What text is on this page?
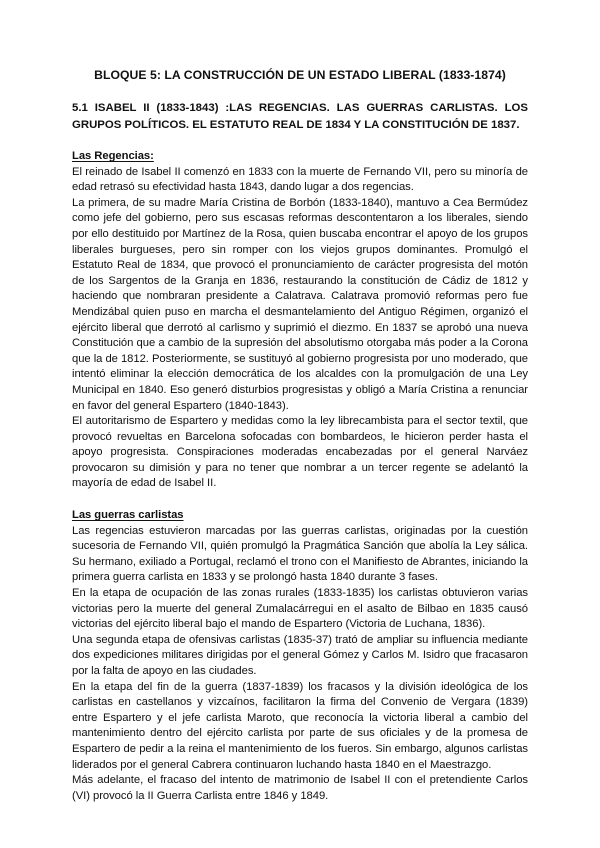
BLOQUE 5: LA CONSTRUCCIÓN DE UN ESTADO LIBERAL (1833-1874)
5.1 ISABEL II (1833-1843) :LAS REGENCIAS. LAS GUERRAS CARLISTAS. LOS GRUPOS POLÍTICOS. EL ESTATUTO REAL DE 1834 Y LA CONSTITUCIÓN DE 1837.
Las Regencias:

El reinado de Isabel II comenzó en 1833 con la muerte de Fernando VII, pero su minoría de edad retrasó su efectividad hasta 1843, dando lugar a dos regencias.

La primera, de su madre María Cristina de Borbón (1833-1840), mantuvo a Cea Bermúdez como jefe del gobierno, pero sus escasas reformas descontentaron a los liberales, siendo por ello destituido por Martínez de la Rosa, quien buscaba encontrar el apoyo de los grupos liberales burgueses, pero sin romper con los viejos grupos dominantes. Promulgó el Estatuto Real de 1834, que provocó el pronunciamiento de carácter progresista del motón de los Sargentos de la Granja en 1836, restaurando la constitución de Cádiz de 1812 y haciendo que nombraran presidente a Calatrava. Calatrava promovió reformas pero fue Mendizábal quien puso en marcha el desmantelamiento del Antiguo Régimen, organizó el ejército liberal que derrotó al carlismo y suprimió el diezmo. En 1837 se aprobó una nueva Constitución que a cambio de la supresión del absolutismo otorgaba más poder a la Corona que la de 1812. Posteriormente, se sustituyó al gobierno progresista por uno moderado, que intentó eliminar la elección democrática de los alcaldes con la promulgación de una Ley Municipal en 1840. Eso generó disturbios progresistas y obligó a María Cristina a renunciar en favor del general Espartero (1840-1843).

El autoritarismo de Espartero y medidas como la ley librecambista para el sector textil, que provocó revueltas en Barcelona sofocadas con bombardeos, le hicieron perder hasta el apoyo progresista. Conspiraciones moderadas encabezadas por el general Narváez provocaron su dimisión y para no tener que nombrar a un tercer regente se adelantó la mayoría de edad de Isabel II.

Las guerras carlistas

Las regencias estuvieron marcadas por las guerras carlistas, originadas por la cuestión sucesoria de Fernando VII, quién promulgó la Pragmática Sanción que abolía la Ley sálica. Su hermano, exiliado a Portugal, reclamó el trono con el Manifiesto de Abrantes, iniciando la primera guerra carlista en 1833 y se prolongó hasta 1840 durante 3 fases.

En la etapa de ocupación de las zonas rurales (1833-1835) los carlistas obtuvieron varias victorias pero la muerte del general Zumalacárregui en el asalto de Bilbao en 1835 causó victorias del ejército liberal bajo el mando de Espartero (Victoria de Luchana, 1836).

Una segunda etapa de ofensivas carlistas (1835-37) trató de ampliar su influencia mediante dos expediciones militares dirigidas por el general Gómez y Carlos M. Isidro que fracasaron por la falta de apoyo en las ciudades.

En la etapa del fin de la guerra (1837-1839) los fracasos y la división ideológica de los carlistas en castellanos y vizcaínos, facilitaron la firma del Convenio de Vergara (1839) entre Espartero y el jefe carlista Maroto, que reconocía la victoria liberal a cambio del mantenimiento dentro del ejército carlista por parte de sus oficiales y de la promesa de Espartero de pedir a la reina el mantenimiento de los fueros. Sin embargo, algunos carlistas liderados por el general Cabrera continuaron luchando hasta 1840 en el Maestrazgo.

Más adelante, el fracaso del intento de matrimonio de Isabel II con el pretendiente Carlos (VI) provocó la II Guerra Carlista entre 1846 y 1849.
